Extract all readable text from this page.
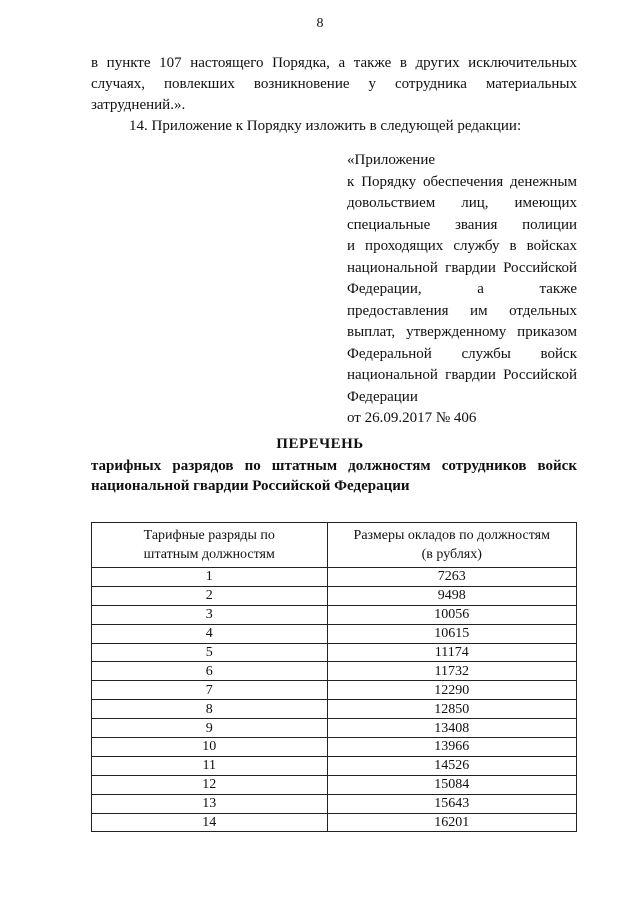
8
в пункте 107 настоящего Порядка, а также в других исключительных
случаях, повлекших возникновение у сотрудника материальных
затруднений.».
14. Приложение к Порядку изложить в следующей редакции:
«Приложение
к Порядку обеспечения денежным
довольствием лиц, имеющих
специальные звания полиции
и проходящих службу в войсках
национальной гвардии Российской
Федерации, а также
предоставления им отдельных
выплат, утвержденному приказом
Федеральной службы войск
национальной гвардии Российской
Федерации
от 26.09.2017 № 406
ПЕРЕЧЕНЬ
тарифных разрядов по штатным должностям сотрудников войск
национальной гвардии Российской Федерации
Тарифные разряды по
штатным должностям	Размеры окладов по должностям
(в рублях)
1	7263
2	9498
3	10056
4	10615
5	11174
6	11732
7	12290
8	12850
9	13408
10	13966
11	14526
12	15084
13	15643
14	16201
